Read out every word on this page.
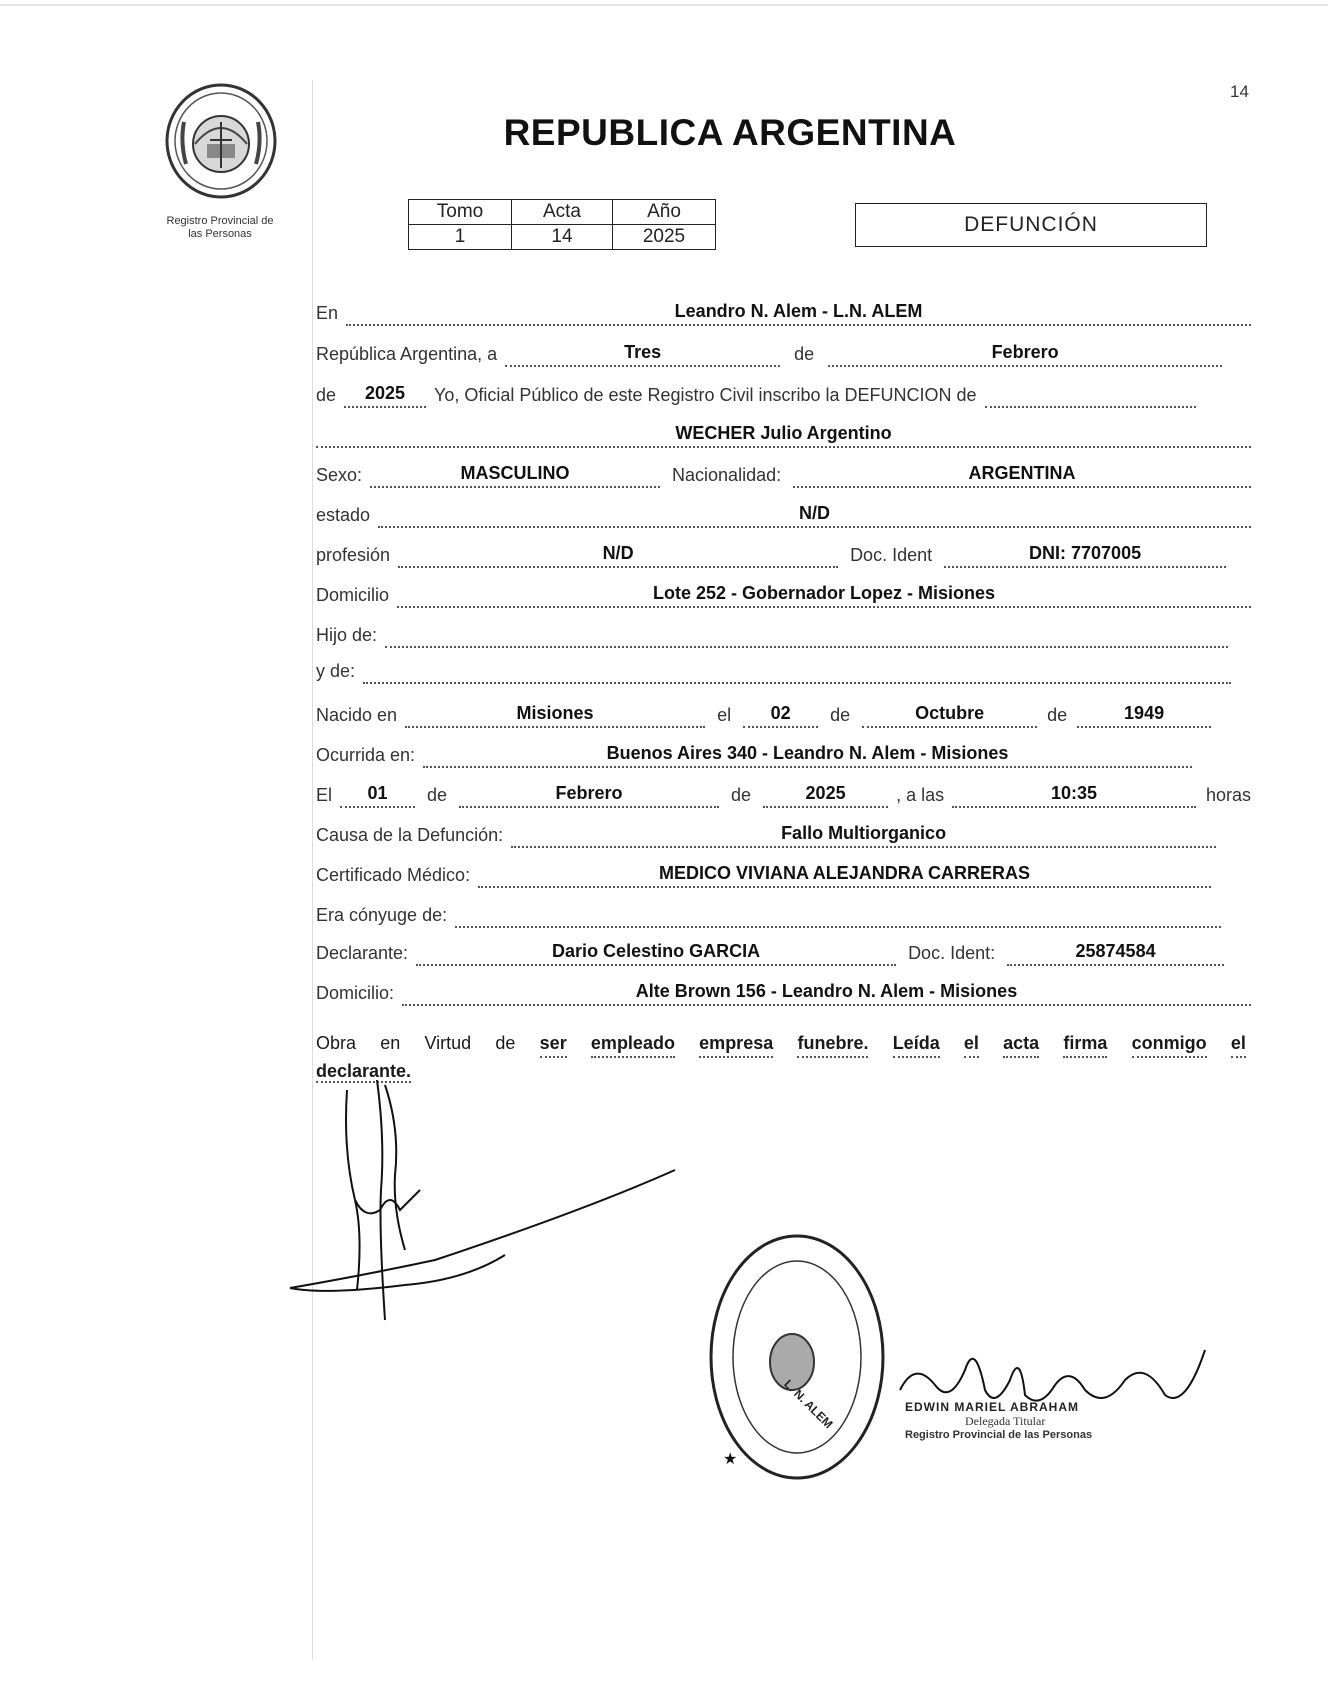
14
Registro Provincial de
las Personas
REPUBLICA ARGENTINA
Tomo	Acta	Año
1	14	2025
DEFUNCIÓN
En	Leandro N. Alem - L.N. ALEM
República Argentina, a	Tres	de	Febrero
de	2025	Yo, Oficial Público de este Registro Civil inscribo la DEFUNCION de
WECHER Julio Argentino
Sexo:	MASCULINO	Nacionalidad:	ARGENTINA
estado	N/D
profesión	N/D	Doc. Ident	DNI: 7707005
Domicilio	Lote 252 - Gobernador Lopez - Misiones
Hijo de:
y de:
Nacido en	Misiones	el	02	de	Octubre	de	1949
Ocurrida en:	Buenos Aires 340 - Leandro N. Alem - Misiones
El	01	de	Febrero	de	2025	, a las	10:35	horas
Causa de la Defunción:	Fallo Multiorganico
Certificado Médico:	MEDICO VIVIANA ALEJANDRA CARRERAS
Era cónyuge de:
Declarante:	Dario Celestino GARCIA	Doc. Ident:	25874584
Domicilio:	Alte Brown 156 - Leandro N. Alem - Misiones
Obra en Virtud de ser empleado empresa funebre. Leída el acta firma conmigo el
declarante.
★
L. N. ALEM	EDWIN MARIEL ABRAHAM
Delegada Titular
Registro Provincial de las Personas
